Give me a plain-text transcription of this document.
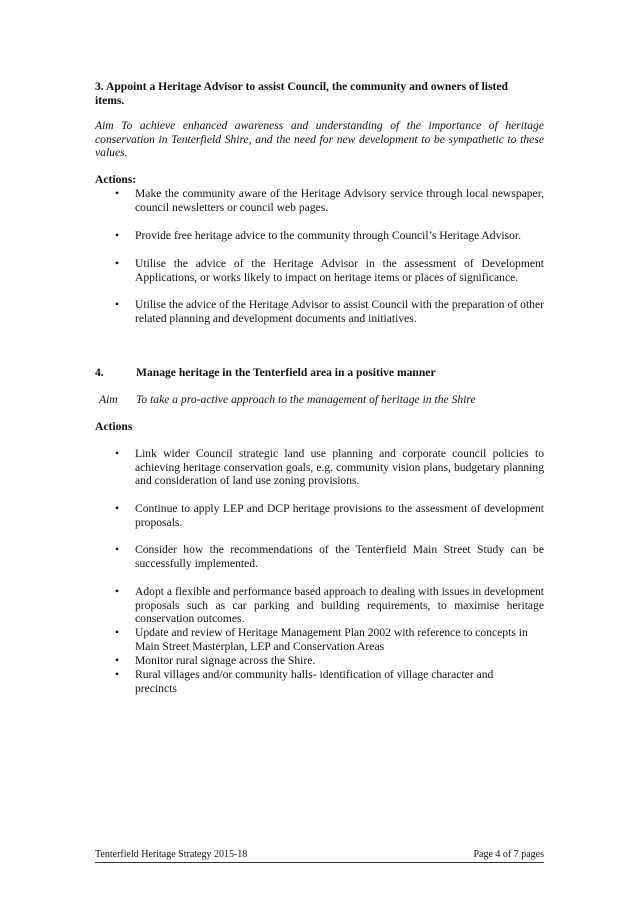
3. Appoint a Heritage Advisor to assist Council, the community and owners of listed items.
Aim To achieve enhanced awareness and understanding of the importance of heritage conservation in Tenterfield Shire, and the need for new development to be sympathetic to these values.
Actions:
•	Make the community aware of the Heritage Advisory service through local newspaper, council newsletters or council web pages.
•	Provide free heritage advice to the community through Council’s Heritage Advisor.
•	Utilise the advice of the Heritage Advisor in the assessment of Development Applications, or works likely to impact on heritage items or places of significance.
•	Utilise the advice of the Heritage Advisor to assist Council with the preparation of other related planning and development documents and initiatives.
4.	Manage heritage in the Tenterfield area in a positive manner
Aim To take a pro-active approach to the management of heritage in the Shire
Actions
•	Link wider Council strategic land use planning and corporate council policies to achieving heritage conservation goals, e.g. community vision plans, budgetary planning and consideration of land use zoning provisions.
•	Continue to apply LEP and DCP heritage provisions to the assessment of development proposals.
•	Consider how the recommendations of the Tenterfield Main Street Study can be successfully implemented.
•	Adopt a flexible and performance based approach to dealing with issues in development proposals such as car parking and building requirements, to maximise heritage conservation outcomes.
•	Update and review of Heritage Management Plan 2002 with reference to concepts in Main Street Masterplan, LEP and Conservation Areas
•	Monitor rural signage across the Shire.
•	Rural villages and/or community halls- identification of village character and precincts
Tenterfield Heritage Strategy 2015-18	Page 4 of 7 pages
